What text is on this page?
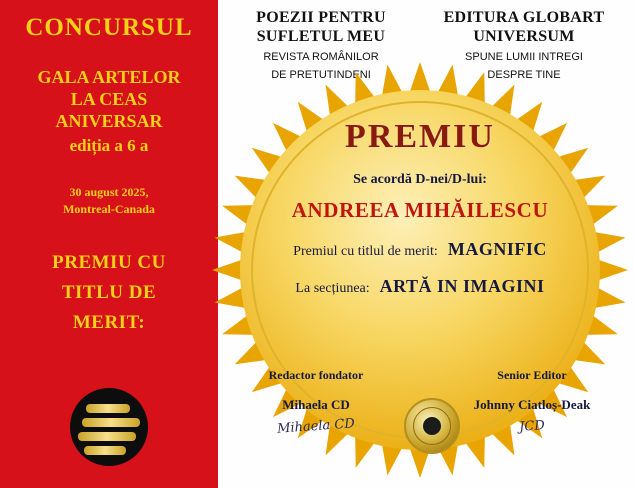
CONCURSUL
GALA ARTELOR
LA CEAS
ANIVERSAR
ediția a 6 a
30 august 2025,
Montreal-Canada
PREMIU CU
TITLU DE
MERIT:
POEZII PENTRU
SUFLETUL MEU
REVISTA ROMÂNILOR
DE PRETUTINDENI
EDITURA GLOBART
UNIVERSUM
SPUNE LUMII INTREGI
DESPRE TINE
PREMIU
Se acordă D-nei/D-lui:
ANDREEA MIHĂILESCU
Premiul cu titlul de merit: MAGNIFIC
La secțiunea: ARTĂ IN IMAGINI
Redactor fondator
Mihaela CD
Mihaela CD
Senior Editor
Johnny Ciatloș-Deak
JCD
